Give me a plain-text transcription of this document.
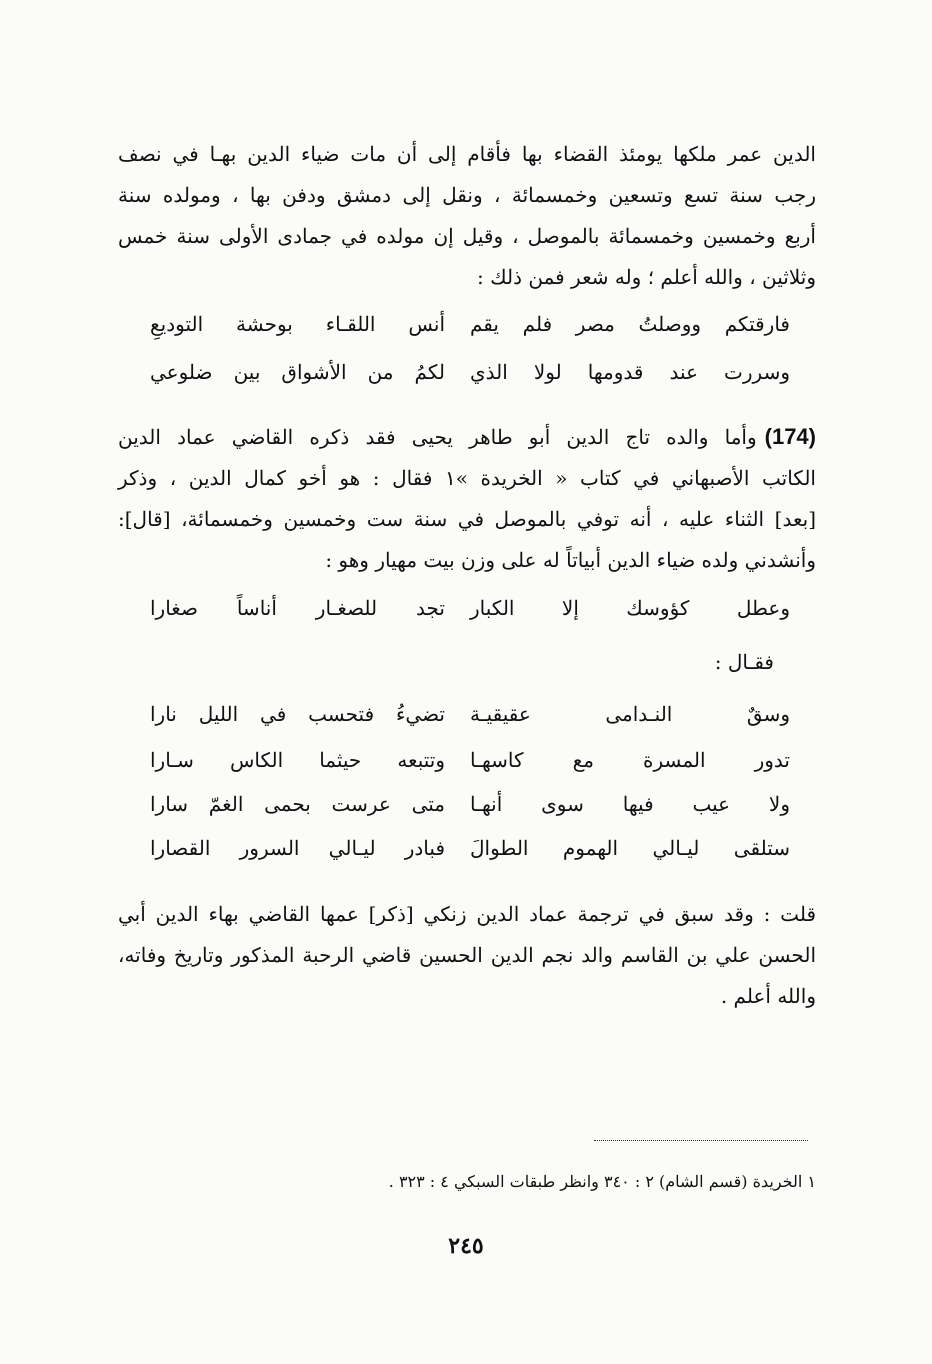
الدين عمر ملكها يومئذ القضاء بها فأقام إلى أن مات ضياء الدين بهـا في نصف
رجب سنة تسع وتسعين وخمسمائة ، ونقل إلى دمشق ودفن بها ، ومولده سنة
أربع وخمسين وخمسمائة بالموصل ، وقيل إن مولده في جمادى الأولى سنة خمس
وثلاثين ، والله أعلم ؛ وله شعر فمن ذلك :
فارقتكم ووصلتُ مصر فلم يقم
أنس اللقـاء بوحشة التوديعِ
وسررت عند قدومها لولا الذي
لكمُ من الأشواق بين ضلوعي
(174)وأما والده تاج الدين أبو طاهر يحيى فقد ذكره القاضي عماد الدين
الكاتب الأصبهاني في كتاب « الخريدة »١ فقال : هو أخو كمال الدين ، وذكر
[بعد] الثناء عليه ، أنه توفي بالموصل في سنة ست وخمسين وخمسمائة، [قال]:
وأنشدني ولده ضياء الدين أبياتاً له على وزن بيت مهيار وهو :
وعطل كؤوسك إلا الكبار
تجد للصغـار أناساً صغارا
فقـال :
وسقٌ النـدامى عقيقيـة
تضيءُ فتحسب في الليل نارا
تدور المسرة مع كاسهـا
وتتبعه حيثما الكاس سـارا
ولا عيب فيها سوى أنهـا
متى عرست بحمى الغمّ سارا
ستلقى ليـالي الهموم الطوالَ
فبادر ليـالي السرور القصارا
قلت : وقد سبق في ترجمة عماد الدين زنكي [ذكر] عمها القاضي بهاء الدين أبي
الحسن علي بن القاسم والد نجم الدين الحسين قاضي الرحبة المذكور وتاريخ وفاته،
والله أعلم .
١ الخريدة (قسم الشام) ٢ : ٣٤٠ وانظر طبقات السبكي ٤ : ٣٢٣ .
٢٤٥
